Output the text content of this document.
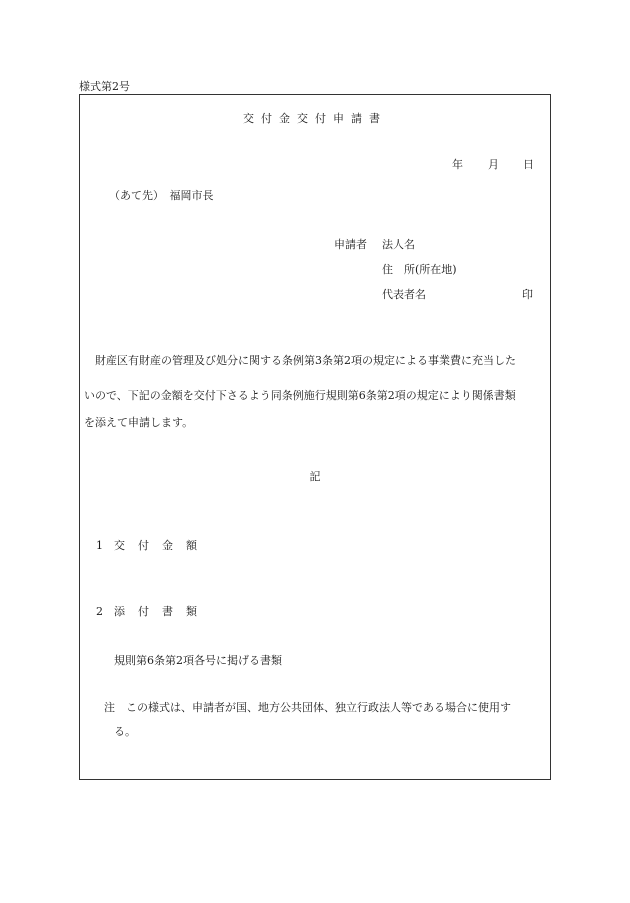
様式第2号
交付金交付申請書
年 月 日
（あて先）　福岡市長
申請者 法人名
住　所(所在地)
代表者名	印
財産区有財産の管理及び処分に関する条例第3条第2項の規定による事業費に充当した
いので、下記の金額を交付下さるよう同条例施行規則第6条第2項の規定により関係書類
を添えて申請します。
記
1 交付金額
2 添付書類
規則第6条第2項各号に掲げる書類
注 この様式は、申請者が国、地方公共団体、独立行政法人等である場合に使用す
る。
